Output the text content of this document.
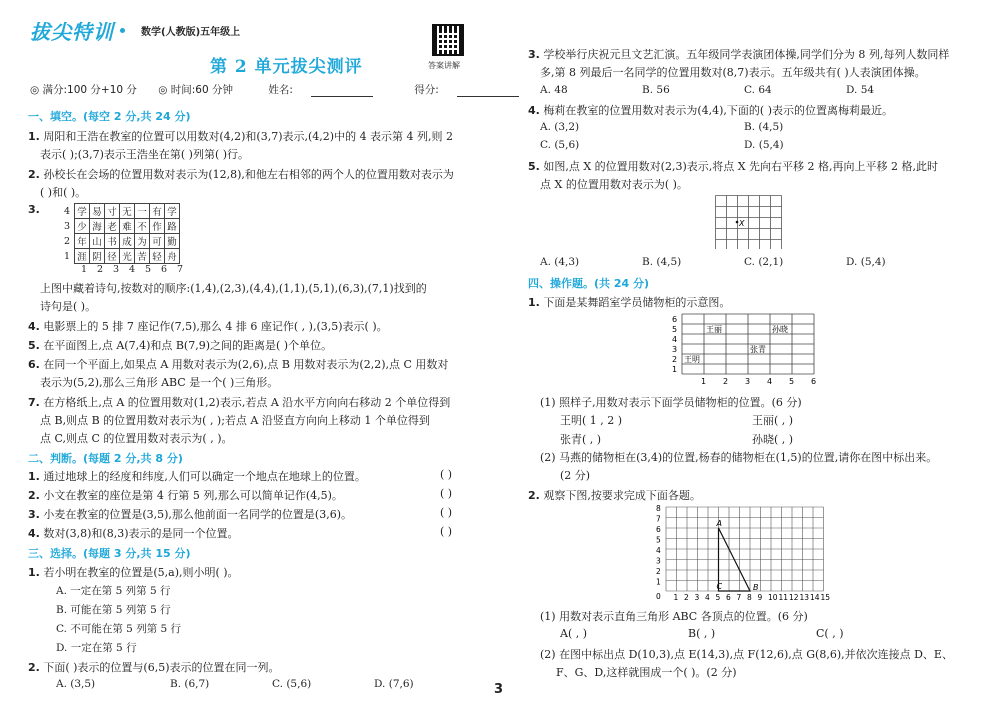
拔尖特训	数学(人教版)五年级上
答案讲解
第 2 单元拔尖测评
◎ 满分:100 分+10 分 ◎ 时间:60 分钟	姓名:	得分:
一、填空。(每空 2 分,共 24 分)
1. 周阳和王浩在教室的位置可以用数对(4,2)和(3,7)表示,(4,2)中的 4 表示第 4 列,则 2
表示( );(3,7)表示王浩坐在第( )列第( )行。
2. 孙校长在会场的位置用数对表示为(12,8),和他左右相邻的两个人的位置用数对表示为
( )和( )。
3.	4	学	易	寸	无	一	有	学
3	少	海	老	难	不	作	路
2	年	山	书	成	为	可	勤
1	涯	阴	径	光	苦	轻	舟
1	2	3	4	5	6	7
上图中藏着诗句,按数对的顺序:(1,4),(2,3),(4,4),(1,1),(5,1),(6,3),(7,1)找到的
诗句是( )。
4. 电影票上的 5 排 7 座记作(7,5),那么 4 排 6 座记作( , ),(3,5)表示( )。
5. 在平面图上,点 A(7,4)和点 B(7,9)之间的距离是( )个单位。
6. 在同一个平面上,如果点 A 用数对表示为(2,6),点 B 用数对表示为(2,2),点 C 用数对
表示为(5,2),那么三角形 ABC 是一个( )三角形。
7. 在方格纸上,点 A 的位置用数对(1,2)表示,若点 A 沿水平方向向右移动 2 个单位得到
点 B,则点 B 的位置用数对表示为( , );若点 A 沿竖直方向向上移动 1 个单位得到
点 C,则点 C 的位置用数对表示为( , )。
二、判断。(每题 2 分,共 8 分)
1. 通过地球上的经度和纬度,人们可以确定一个地点在地球上的位置。	( )
2. 小文在教室的座位是第 4 行第 5 列,那么可以简单记作(4,5)。	( )
3. 小麦在教室的位置是(3,5),那么他前面一名同学的位置是(3,6)。	( )
4. 数对(3,8)和(8,3)表示的是同一个位置。	( )
三、选择。(每题 3 分,共 15 分)
1. 若小明在教室的位置是(5,a),则小明( )。
A. 一定在第 5 列第 5 行
B. 可能在第 5 列第 5 行
C. 不可能在第 5 列第 5 行
D. 一定在第 5 行
2. 下面( )表示的位置与(6,5)表示的位置在同一列。
A. (3,5)	B. (6,7)	C. (5,6)	D. (7,6)
3. 学校举行庆祝元旦文艺汇演。五年级同学表演团体操,同学们分为 8 列,每列人数同样
多,第 8 列最后一名同学的位置用数对(8,7)表示。五年级共有( )人表演团体操。
A. 48	B. 56	C. 64	D. 54
4. 梅莉在教室的位置用数对表示为(4,4),下面的( )表示的位置离梅莉最近。
A. (3,2)	B. (4,5)
C. (5,6)	D. (5,4)
5. 如图,点 X 的位置用数对(2,3)表示,将点 X 先向右平移 2 格,再向上平移 2 格,此时
点 X 的位置用数对表示为( )。
X
A. (4,3)	B. (4,5)	C. (2,1)	D. (5,4)
四、操作题。(共 24 分)
1. 下面是某舞蹈室学员储物柜的示意图。
1
2
3
4
5
6
1 2 3 4 5 6
王丽	孙晓
张青
王明
(1) 照样子,用数对表示下面学员储物柜的位置。(6 分)
王明( 1 , 2 )	王丽( , )
张青( , )	孙晓( , )
(2) 马燕的储物柜在(3,4)的位置,杨春的储物柜在(1,5)的位置,请你在图中标出来。
(2 分)
2. 观察下图,按要求完成下面各题。
1
2
3
4
5
6
7
8
0 1 2 3 4 5 6 7 8 9 10 11 12 13 14 15
A
B
C
(1) 用数对表示直角三角形 ABC 各顶点的位置。(6 分)
A( , )	B( , )	C( , )
(2) 在图中标出点 D(10,3),点 E(14,3),点 F(12,6),点 G(8,6),并依次连接点 D、E、
F、G、D,这样就围成一个( )。(2 分)
3
